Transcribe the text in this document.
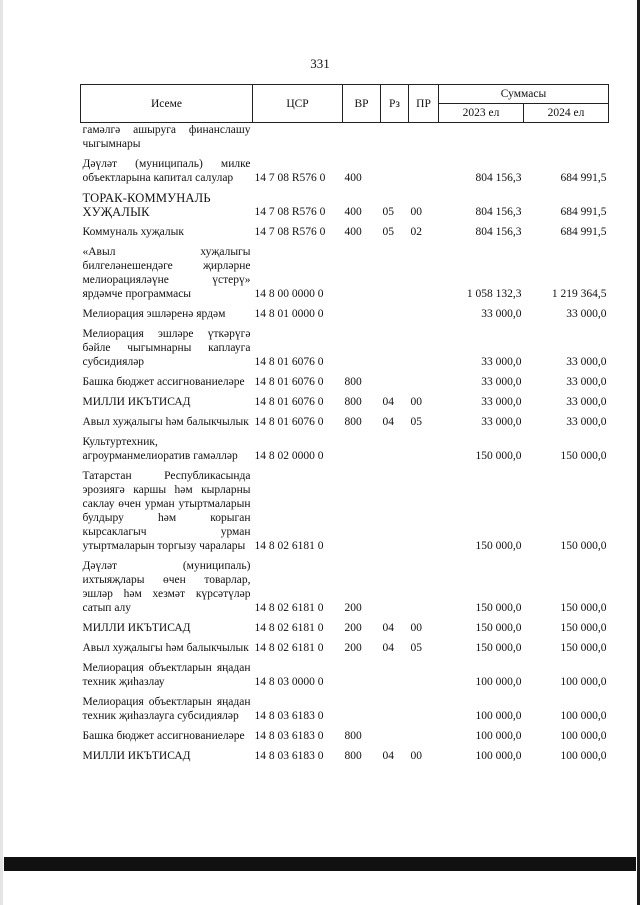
331
Исеме	ЦСР	ВР	Рз	ПР	Суммасы	
					2023 ел	2024 ел
гамәлгә ашыруга финанслашу чыгымнары						

Дәүләт (муниципаль) милке объектларына капитал салулар	14 7 08 R576 0	400			804 156,3	684 991,5

ТОРАК-КОММУНАЛЬ ХУҖАЛЫК	14 7 08 R576 0	400	05	00	804 156,3	684 991,5

Коммуналь хуҗалык	14 7 08 R576 0	400	05	02	804 156,3	684 991,5

«Авыл хуҗалыгы билгеләнешендәге җирләрне мелиорацияләүне үстерү» ярдәмче программасы	14 8 00 0000 0				1 058 132,3	1 219 364,5

Мелиорация эшләренә ярдәм	14 8 01 0000 0				33 000,0	33 000,0

Мелиорация эшләре үткәрүгә бәйле чыгымнарны каплауга субсидияләр	14 8 01 6076 0				33 000,0	33 000,0

Башка бюджет ассигнованиеләре	14 8 01 6076 0	800			33 000,0	33 000,0

МИЛЛИ ИКЪТИСАД	14 8 01 6076 0	800	04	00	33 000,0	33 000,0

Авыл хуҗалыгы һәм балыкчылык	14 8 01 6076 0	800	04	05	33 000,0	33 000,0

Культуртехник, агроурманмелиоратив гамәлләр	14 8 02 0000 0				150 000,0	150 000,0

Татарстан Республикасында эрозиягә каршы һәм кырларны саклау өчен урман утыртмаларын булдыру һәм корыган кырсаклагыч урман утыртмаларын торгызу чаралары	14 8 02 6181 0				150 000,0	150 000,0

Дәүләт (муниципаль) ихтыяҗлары өчен товарлар, эшләр һәм хезмәт күрсәтүләр сатып алу	14 8 02 6181 0	200			150 000,0	150 000,0

МИЛЛИ ИКЪТИСАД	14 8 02 6181 0	200	04	00	150 000,0	150 000,0

Авыл хуҗалыгы һәм балыкчылык	14 8 02 6181 0	200	04	05	150 000,0	150 000,0

Мелиорация объектларын яңадан техник җиһазлау	14 8 03 0000 0				100 000,0	100 000,0

Мелиорация объектларын яңадан техник җиһазлауга субсидияләр	14 8 03 6183 0				100 000,0	100 000,0

Башка бюджет ассигнованиеләре	14 8 03 6183 0	800			100 000,0	100 000,0

МИЛЛИ ИКЪТИСАД	14 8 03 6183 0	800	04	00	100 000,0	100 000,0
